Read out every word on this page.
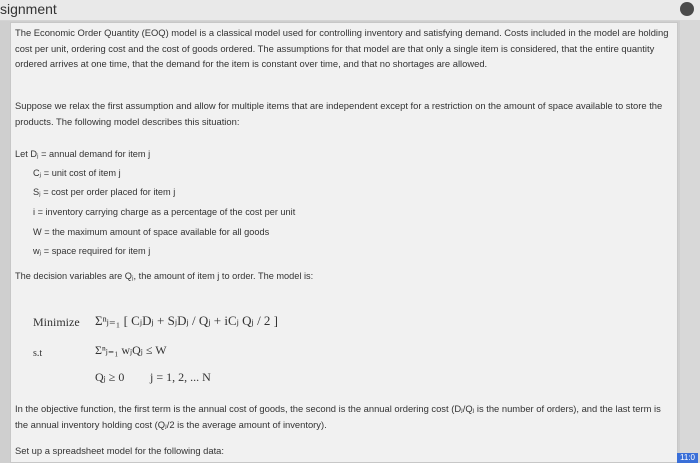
signment
The Economic Order Quantity (EOQ) model is a classical model used for controlling inventory and satisfying demand. Costs included in the model are holding cost per unit, ordering cost and the cost of goods ordered. The assumptions for that model are that only a single item is considered, that the entire quantity ordered arrives at one time, that the demand for the item is constant over time, and that no shortages are allowed.
Suppose we relax the first assumption and allow for multiple items that are independent except for a restriction on the amount of space available to store the products. The following model describes this situation:
Let Dⱼ = annual demand for item j
Cⱼ = unit cost of item j
Sⱼ = cost per order placed for item j
i = inventory carrying charge as a percentage of the cost per unit
W = the maximum amount of space available for all goods
wⱼ = space required for item j
The decision variables are Qⱼ, the amount of item j to order. The model is:
Minimize Σⁿⱼ₌₁ [ CⱼDⱼ + SⱼDⱼ / Qⱼ + iCⱼ Qⱼ / 2 ]
s.t	Σⁿⱼ₌₁ wⱼQⱼ ≤ W
Qⱼ ≥ 0 j = 1, 2, ... N
In the objective function, the first term is the annual cost of goods, the second is the annual ordering cost (Dⱼ/Qⱼ is the number of orders), and the last term is the annual inventory holding cost (Qⱼ/2 is the average amount of inventory).
Set up a spreadsheet model for the following data:
11:0
